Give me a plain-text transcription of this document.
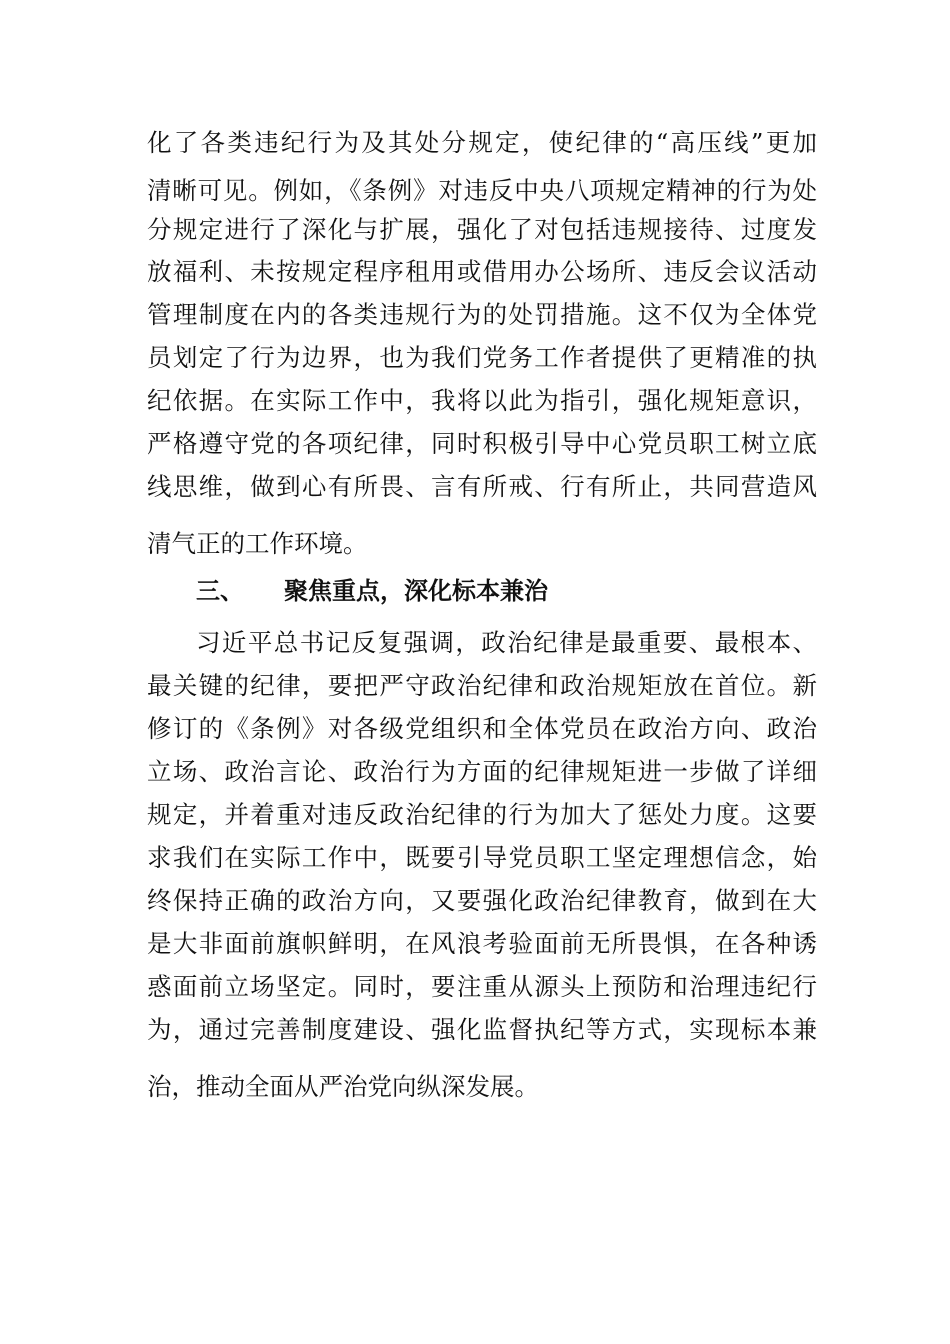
化了各类违纪行为及其处分规定，使纪律的“高压线”更加
清晰可见。例如，《条例》对违反中央八项规定精神的行为处
分规定进行了深化与扩展，强化了对包括违规接待、过度发
放福利、未按规定程序租用或借用办公场所、违反会议活动
管理制度在内的各类违规行为的处罚措施。这不仅为全体党
员划定了行为边界，也为我们党务工作者提供了更精准的执
纪依据。在实际工作中，我将以此为指引，强化规矩意识，
严格遵守党的各项纪律，同时积极引导中心党员职工树立底
线思维，做到心有所畏、言有所戒、行有所止，共同营造风
清气正的工作环境。
三、 聚焦重点，深化标本兼治
习近平总书记反复强调，政治纪律是最重要、最根本、
最关键的纪律，要把严守政治纪律和政治规矩放在首位。新
修订的《条例》对各级党组织和全体党员在政治方向、政治
立场、政治言论、政治行为方面的纪律规矩进一步做了详细
规定，并着重对违反政治纪律的行为加大了惩处力度。这要
求我们在实际工作中，既要引导党员职工坚定理想信念，始
终保持正确的政治方向，又要强化政治纪律教育，做到在大
是大非面前旗帜鲜明，在风浪考验面前无所畏惧，在各种诱
惑面前立场坚定。同时，要注重从源头上预防和治理违纪行
为，通过完善制度建设、强化监督执纪等方式，实现标本兼
治，推动全面从严治党向纵深发展。
